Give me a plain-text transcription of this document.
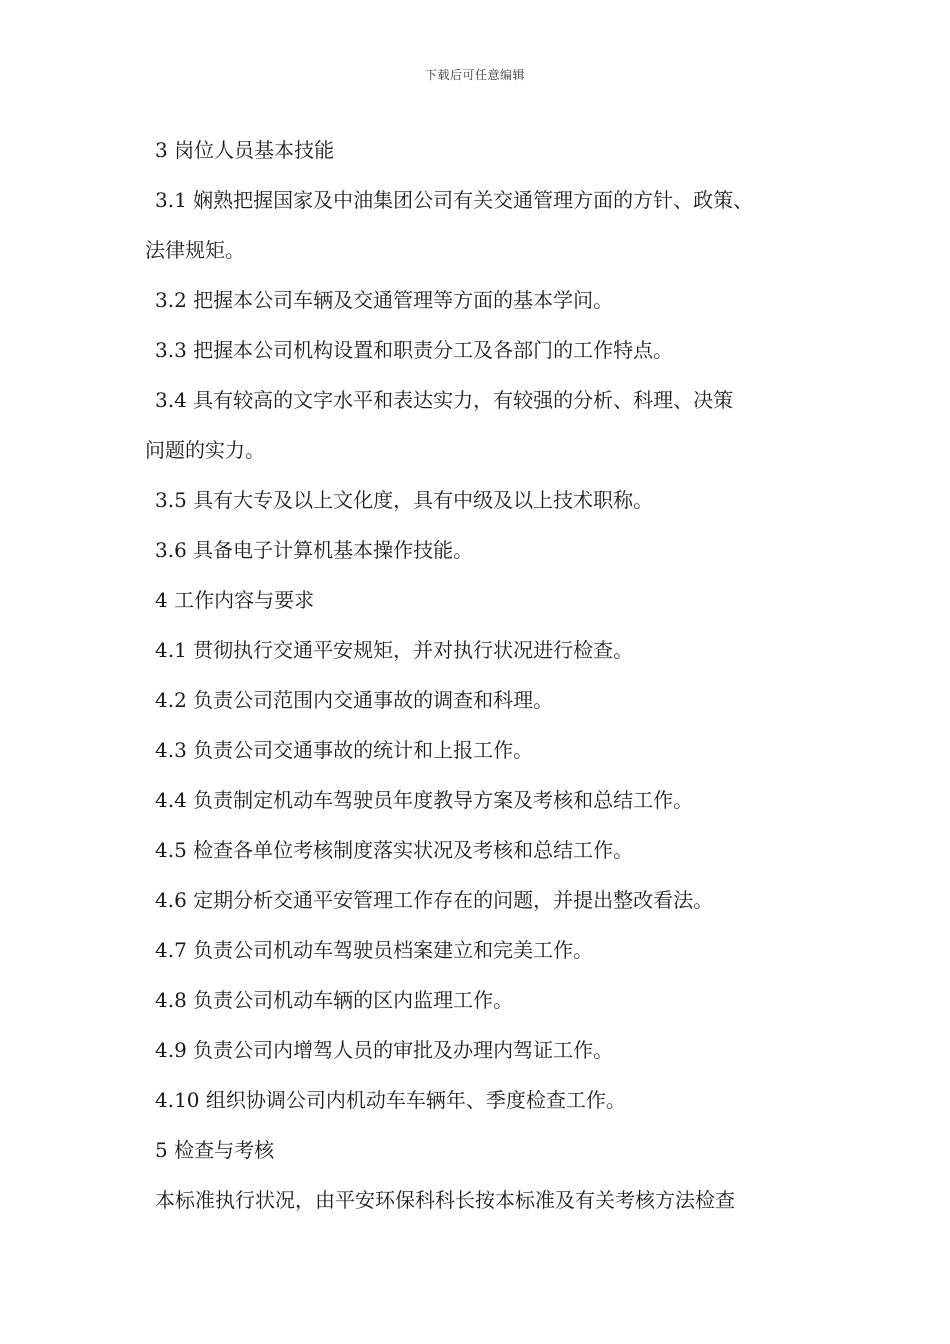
下载后可任意编辑
3 岗位人员基本技能
3.1 娴熟把握国家及中油集团公司有关交通管理方面的方针、政策、
法律规矩。
3.2 把握本公司车辆及交通管理等方面的基本学问。
3.3 把握本公司机构设置和职责分工及各部门的工作特点。
3.4 具有较高的文字水平和表达实力，有较强的分析、科理、决策
问题的实力。
3.5 具有大专及以上文化度，具有中级及以上技术职称。
3.6 具备电子计算机基本操作技能。
4 工作内容与要求
4.1 贯彻执行交通平安规矩，并对执行状况进行检查。
4.2 负责公司范围内交通事故的调查和科理。
4.3 负责公司交通事故的统计和上报工作。
4.4 负责制定机动车驾驶员年度教导方案及考核和总结工作。
4.5 检查各单位考核制度落实状况及考核和总结工作。
4.6 定期分析交通平安管理工作存在的问题，并提出整改看法。
4.7 负责公司机动车驾驶员档案建立和完美工作。
4.8 负责公司机动车辆的区内监理工作。
4.9 负责公司内增驾人员的审批及办理内驾证工作。
4.10 组织协调公司内机动车车辆年、季度检查工作。
5 检查与考核
本标准执行状况，由平安环保科科长按本标准及有关考核方法检查
